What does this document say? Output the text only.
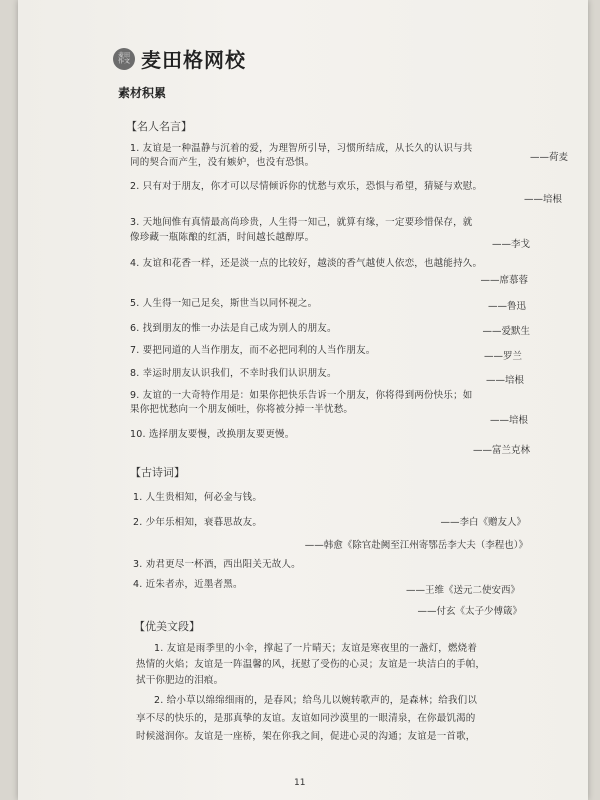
麦田
作文 麦田格网校
素材积累
【名人名言】
1. 友谊是一种温静与沉着的爱，为理智所引导，习惯所结成，从长久的认识与共
同的契合而产生，没有嫉妒，也没有恐惧。	——荷麦
2. 只有对于朋友，你才可以尽情倾诉你的忧愁与欢乐，恐惧与希望，猜疑与欢慰。
——培根
3. 天地间惟有真情最高尚珍贵，人生得一知己，就算有缘，一定要珍惜保存，就
像珍藏一瓶陈酿的红酒，时间越长越醇厚。
——李戈
4. 友谊和花香一样，还是淡一点的比较好，越淡的香气越使人依恋，也越能持久。
——席慕蓉
5. 人生得一知己足矣，斯世当以同怀视之。	——鲁迅
6. 找到朋友的惟一办法是自己成为别人的朋友。	——爱默生
7. 要把同道的人当作朋友，而不必把同利的人当作朋友。
——罗兰
8. 幸运时朋友认识我们，不幸时我们认识朋友。
——培根
9. 友谊的一大奇特作用是：如果你把快乐告诉一个朋友，你将得到两份快乐；如
果你把忧愁向一个朋友倾吐，你将被分掉一半忧愁。
——培根
10. 选择朋友要慢，改换朋友要更慢。
——富兰克林
【古诗词】
1. 人生贵相知，何必金与钱。
——李白《赠友人》
2. 少年乐相知，衰暮思故友。
——韩愈《除官赴阙至江州寄鄂岳李大夫（李程也）》
3. 劝君更尽一杯酒，西出阳关无故人。
——王维《送元二使安西》
4. 近朱者赤，近墨者黑。
——付玄《太子少傅箴》
【优美文段】
1. 友谊是雨季里的小伞，撑起了一片晴天；友谊是寒夜里的一盏灯，燃烧着
热情的火焰；友谊是一阵温馨的风，抚慰了受伤的心灵；友谊是一块洁白的手帕，
拭干你肥边的泪痕。
2. 给小草以绵绵细雨的，是春风；给鸟儿以婉转歌声的，是森林；给我们以
享不尽的快乐的，是那真挚的友谊。友谊如同沙漠里的一眼清泉，在你最饥渴的
时候滋润你。友谊是一座桥，架在你我之间，促进心灵的沟通；友谊是一首歌，
11
